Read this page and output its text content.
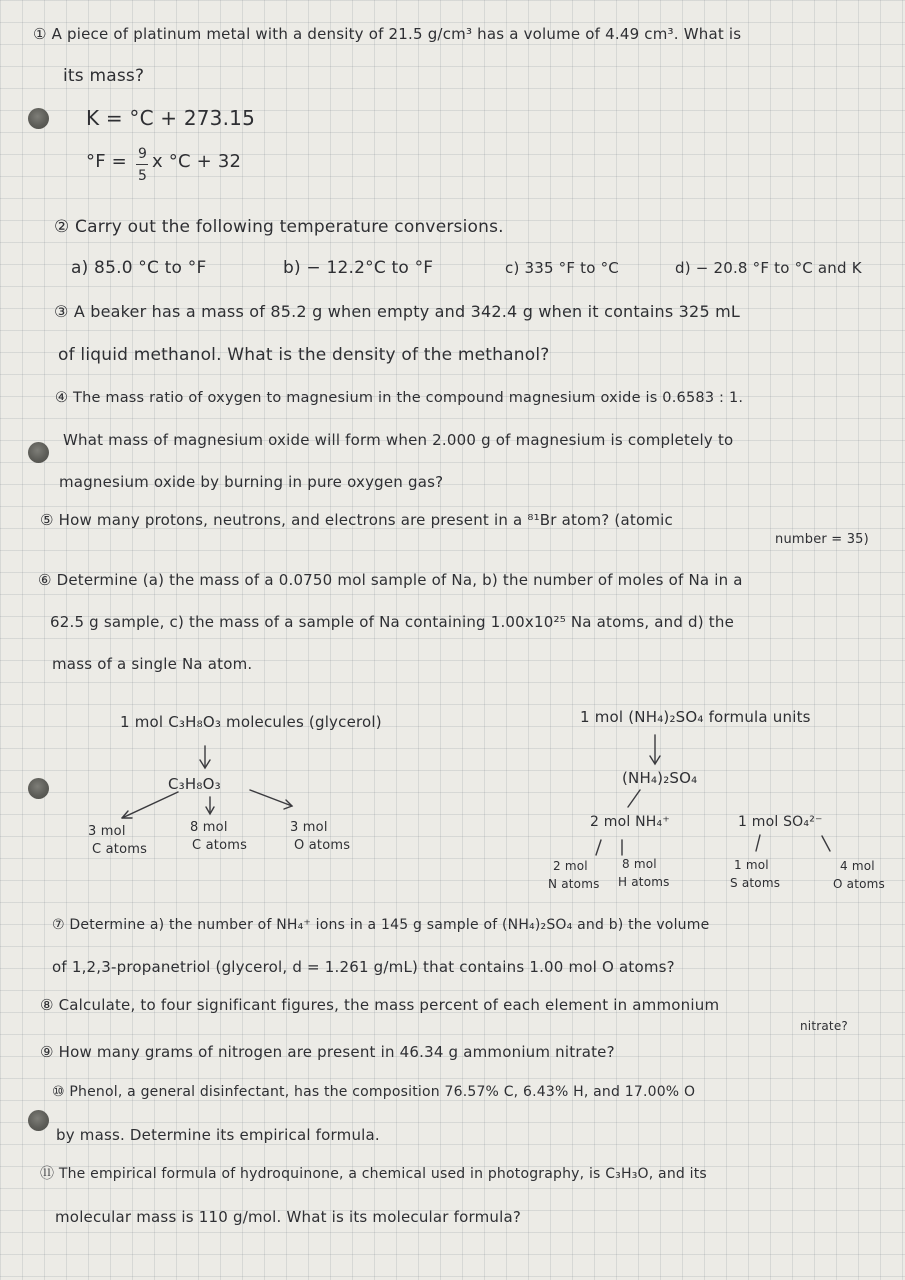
① A piece of platinum metal with a density of 21.5 g/cm³ has a volume of 4.49 cm³. What is
its mass?
K = °C + 273.15
°F = 9
5
x °C + 32
② Carry out the following temperature conversions.
a) 85.0 °C to °F	b) − 12.2°C to °F	c) 335 °F to °C	d) − 20.8 °F to °C and K
③ A beaker has a mass of 85.2 g when empty and 342.4 g when it contains 325 mL
of liquid methanol. What is the density of the methanol?
④ The mass ratio of oxygen to magnesium in the compound magnesium oxide is 0.6583 : 1.
What mass of magnesium oxide will form when 2.000 g of magnesium is completely to
magnesium oxide by burning in pure oxygen gas?
⑤ How many protons, neutrons, and electrons are present in a ⁸¹Br atom? (atomic
number = 35)
⑥ Determine (a) the mass of a 0.0750 mol sample of Na, b) the number of moles of Na in a
62.5 g sample, c) the mass of a sample of Na containing 1.00x10²⁵ Na atoms, and d) the
mass of a single Na atom.
1 mol C₃H₈O₃ molecules (glycerol)
C₃H₈O₃
3 mol
C atoms
8 mol
C atoms
3 mol
O atoms
1 mol (NH₄)₂SO₄ formula units
(NH₄)₂SO₄
2 mol NH₄⁺	1 mol SO₄²⁻
2 mol
N atoms
8 mol
H atoms
1 mol
S atoms
4 mol
O atoms
⑦ Determine a) the number of NH₄⁺ ions in a 145 g sample of (NH₄)₂SO₄ and b) the volume
of 1,2,3-propanetriol (glycerol, d = 1.261 g/mL) that contains 1.00 mol O atoms?
⑧ Calculate, to four significant figures, the mass percent of each element in ammonium
nitrate?
⑨ How many grams of nitrogen are present in 46.34 g ammonium nitrate?
⑩ Phenol, a general disinfectant, has the composition 76.57% C, 6.43% H, and 17.00% O
by mass. Determine its empirical formula.
⑪ The empirical formula of hydroquinone, a chemical used in photography, is C₃H₃O, and its
molecular mass is 110 g/mol. What is its molecular formula?
